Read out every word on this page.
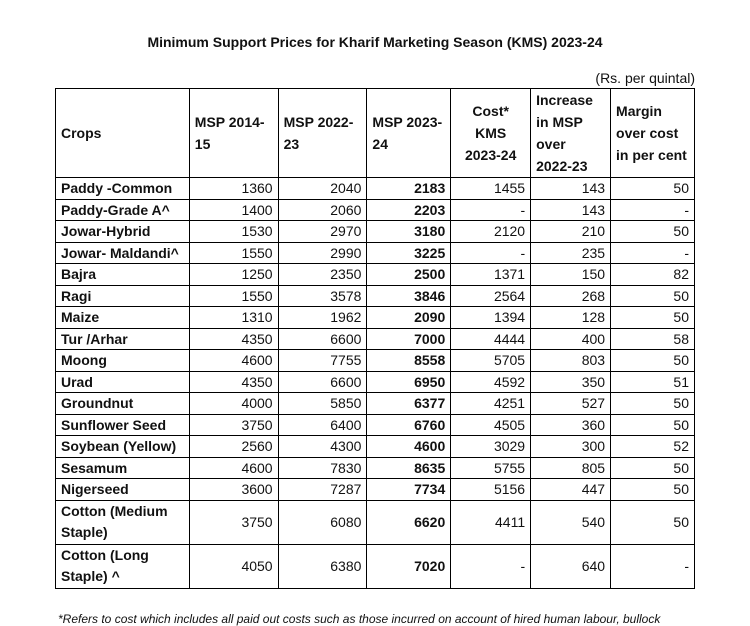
Minimum Support Prices for Kharif Marketing Season (KMS) 2023-24
(Rs. per quintal)
Crops	MSP 2014-15	MSP 2022-23	MSP 2023-24	Cost* KMS 2023-24	Increase in MSP over 2022-23	Margin over cost in per cent
Paddy -Common	1360	2040	2183	1455	143	50
Paddy-Grade A^	1400	2060	2203	-	143	-
Jowar-Hybrid	1530	2970	3180	2120	210	50
Jowar- Maldandi^	1550	2990	3225	-	235	-
Bajra	1250	2350	2500	1371	150	82
Ragi	1550	3578	3846	2564	268	50
Maize	1310	1962	2090	1394	128	50
Tur /Arhar	4350	6600	7000	4444	400	58
Moong	4600	7755	8558	5705	803	50
Urad	4350	6600	6950	4592	350	51
Groundnut	4000	5850	6377	4251	527	50
Sunflower Seed	3750	6400	6760	4505	360	50
Soybean (Yellow)	2560	4300	4600	3029	300	52
Sesamum	4600	7830	8635	5755	805	50
Nigerseed	3600	7287	7734	5156	447	50
Cotton (Medium Staple)	3750	6080	6620	4411	540	50
Cotton (Long Staple) ^	4050	6380	7020	-	640	-
*Refers to cost which includes all paid out costs such as those incurred on account of hired human labour, bullock
